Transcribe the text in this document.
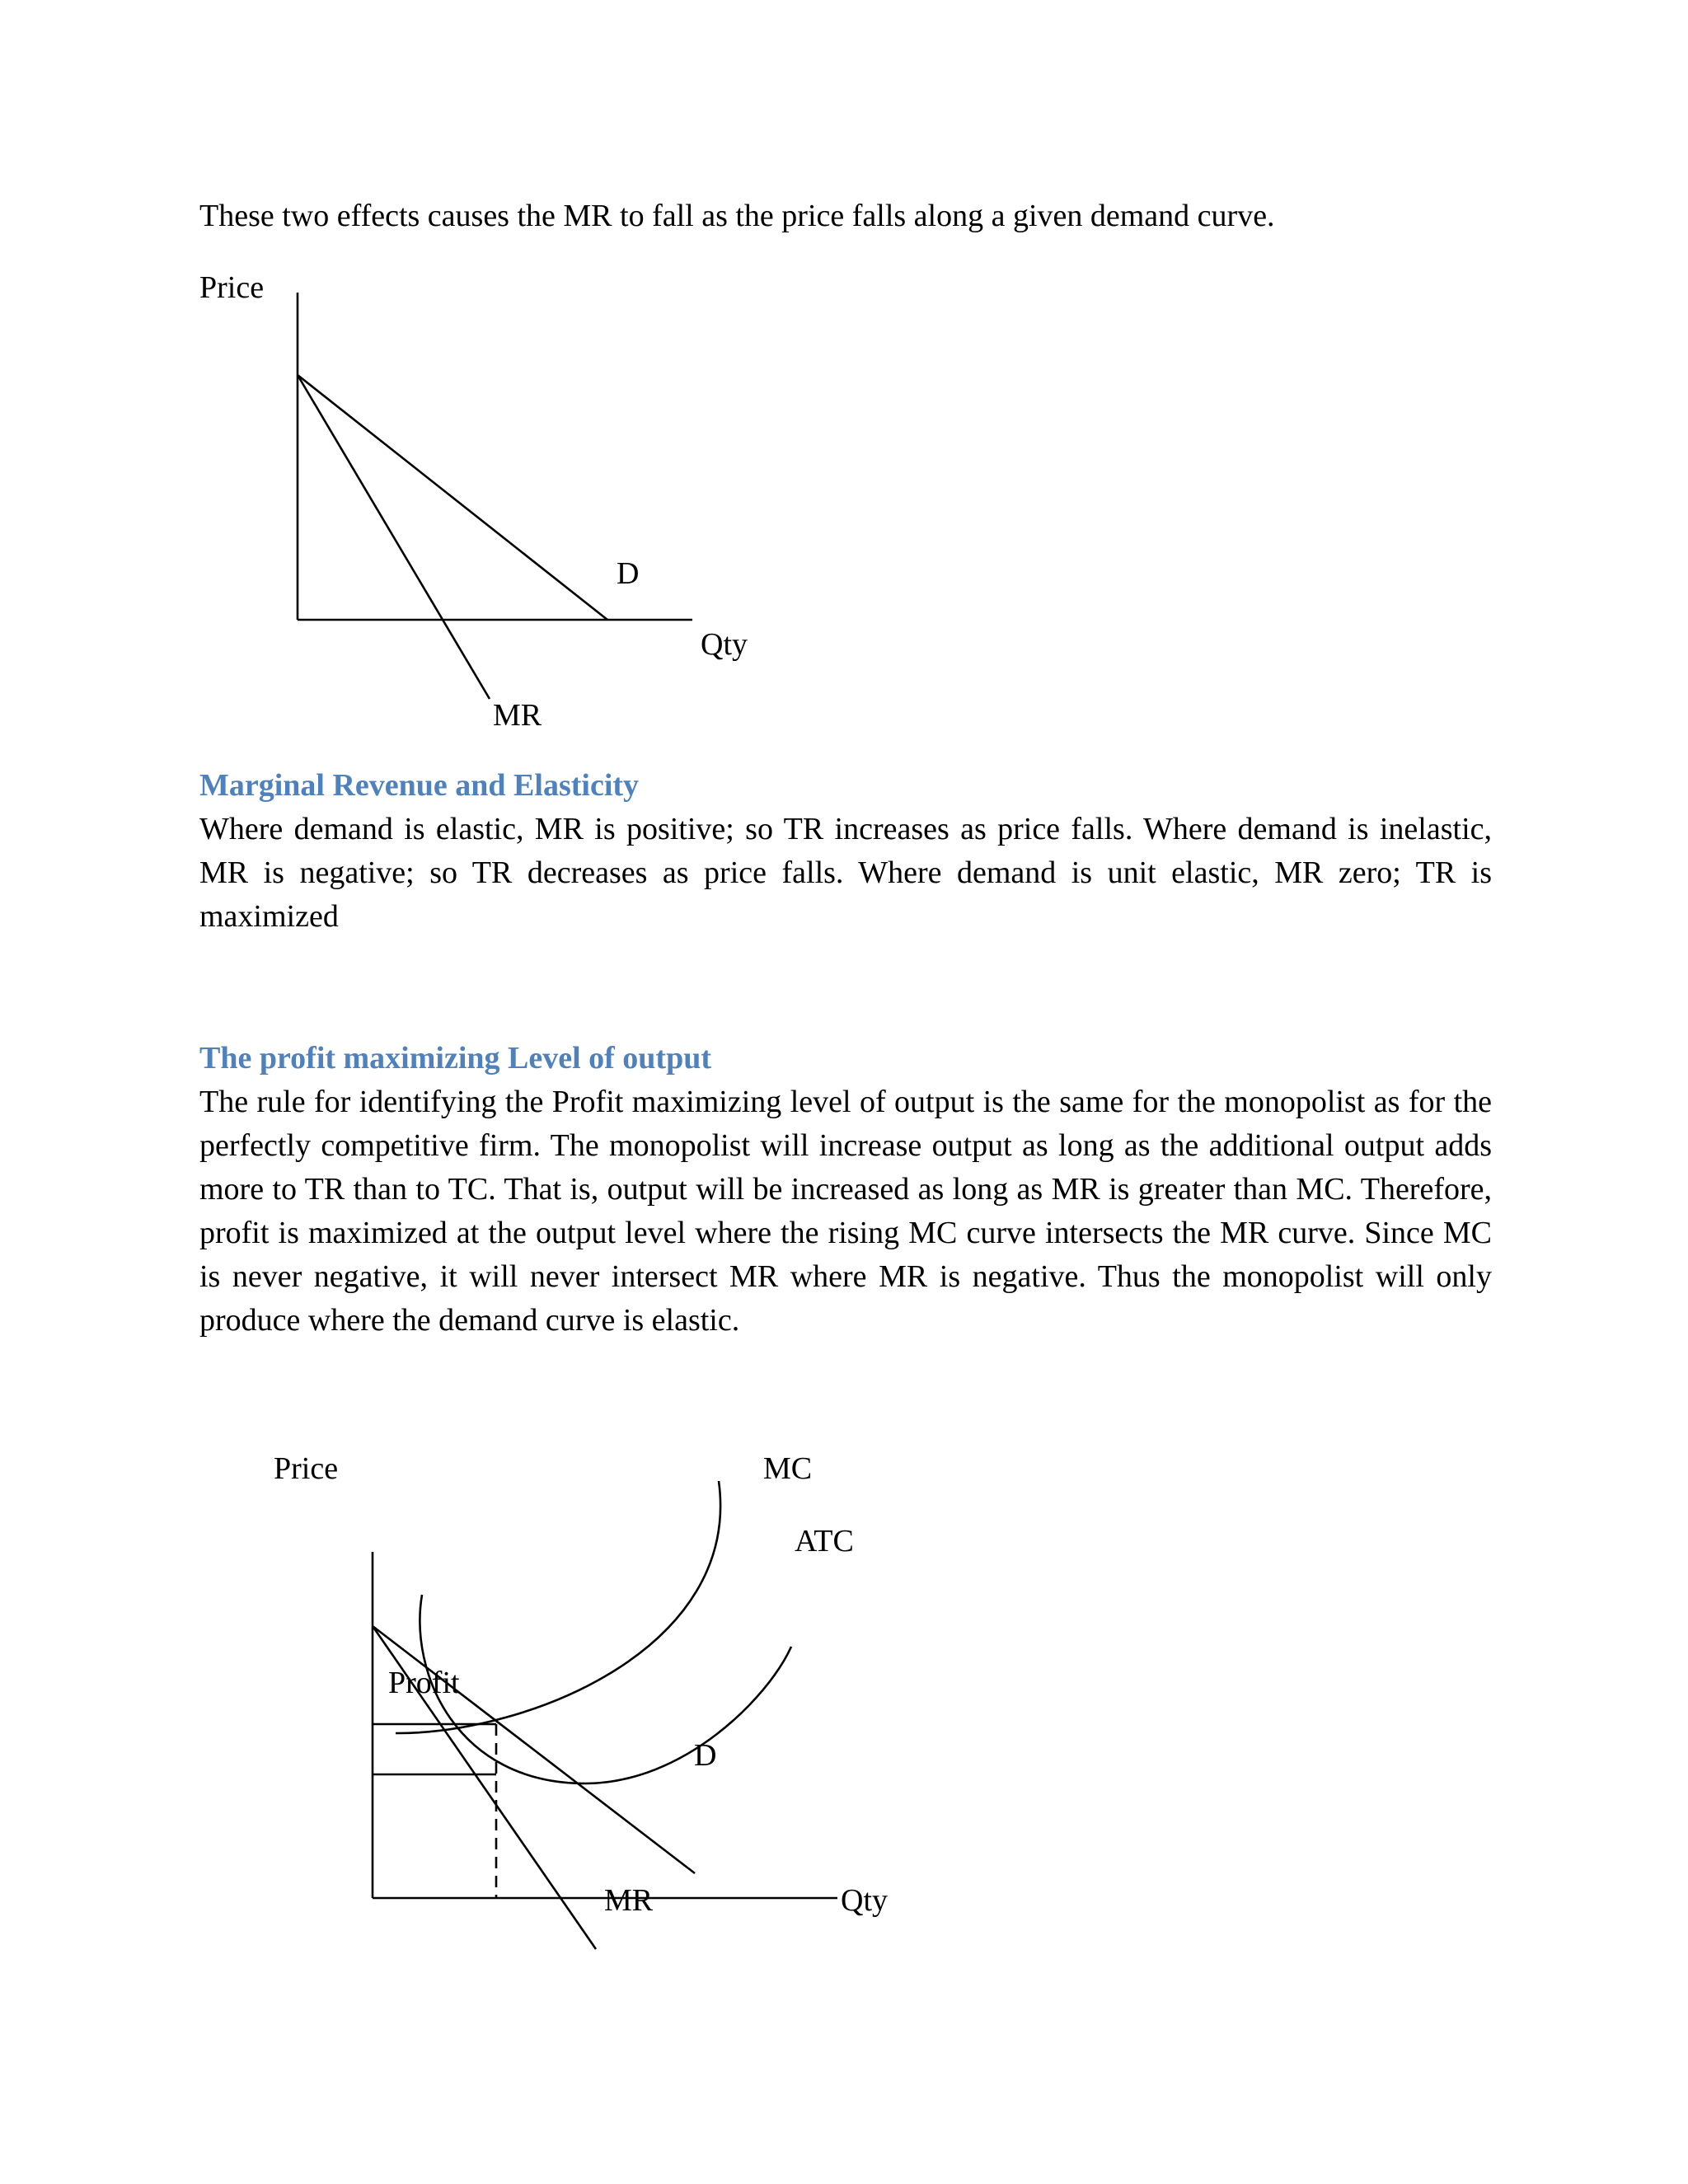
These two effects causes the MR to fall as the price falls along a given demand curve.
Price
D
Qty
MR
Marginal Revenue and Elasticity
Where demand is elastic, MR is positive; so TR increases as price falls. Where demand is inelastic, MR is negative; so TR decreases as price falls. Where demand is unit elastic, MR zero; TR is maximized
The profit maximizing Level of output
The rule for identifying the Profit maximizing level of output is the same for the monopolist as for the perfectly competitive firm. The monopolist will increase output as long as the additional output adds more to TR than to TC. That is, output will be increased as long as MR is greater than MC. Therefore, profit is maximized at the output level where the rising MC curve intersects the MR curve. Since MC is never negative, it will never intersect MR where MR is negative. Thus the monopolist will only produce where the demand curve is elastic.
Price	MC
ATC
Profit
D
MR	Qty
